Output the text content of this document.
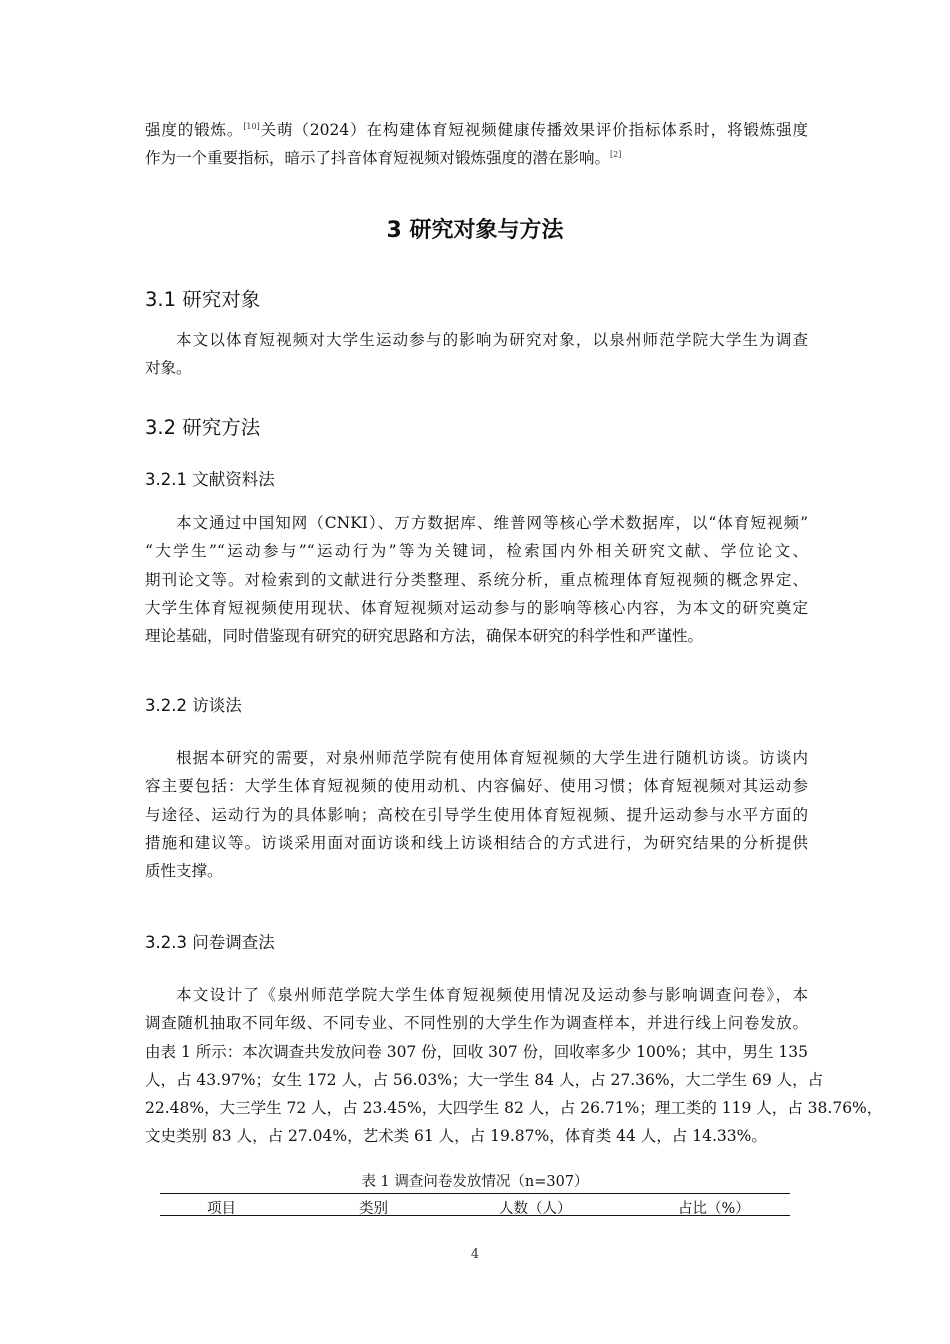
强度的锻炼。[10]关萌（2024）在构建体育短视频健康传播效果评价指标体系时，将锻炼强度
作为一个重要指标，暗示了抖音体育短视频对锻炼强度的潜在影响。[2]
3 研究对象与方法
3.1 研究对象
本文以体育短视频对大学生运动参与的影响为研究对象，以泉州师范学院大学生为调查
对象。
3.2 研究方法
3.2.1 文献资料法
本文通过中国知网（CNKI）、万方数据库、维普网等核心学术数据库，以“体育短视频”
“大学生”“运动参与”“运动行为”等为关键词，检索国内外相关研究文献、学位论文、
期刊论文等。对检索到的文献进行分类整理、系统分析，重点梳理体育短视频的概念界定、
大学生体育短视频使用现状、体育短视频对运动参与的影响等核心内容，为本文的研究奠定
理论基础，同时借鉴现有研究的研究思路和方法，确保本研究的科学性和严谨性。
3.2.2 访谈法
根据本研究的需要，对泉州师范学院有使用体育短视频的大学生进行随机访谈。访谈内
容主要包括：大学生体育短视频的使用动机、内容偏好、使用习惯；体育短视频对其运动参
与途径、运动行为的具体影响；高校在引导学生使用体育短视频、提升运动参与水平方面的
措施和建议等。访谈采用面对面访谈和线上访谈相结合的方式进行，为研究结果的分析提供
质性支撑。
3.2.3 问卷调查法
本文设计了《泉州师范学院大学生体育短视频使用情况及运动参与影响调查问卷》，本
调查随机抽取不同年级、不同专业、不同性别的大学生作为调查样本，并进行线上问卷发放。
由表 1 所示：本次调查共发放问卷 307 份，回收 307 份，回收率多少 100%；其中，男生 135
人，占 43.97%；女生 172 人，占 56.03%；大一学生 84 人，占 27.36%，大二学生 69 人，占
22.48%，大三学生 72 人，占 23.45%，大四学生 82 人，占 26.71%；理工类的 119 人，占 38.76%，
文史类别 83 人，占 27.04%，艺术类 61 人，占 19.87%，体育类 44 人，占 14.33%。
表 1 调查问卷发放情况（n=307）
项目	类别	人数（人）	占比（%）
4
